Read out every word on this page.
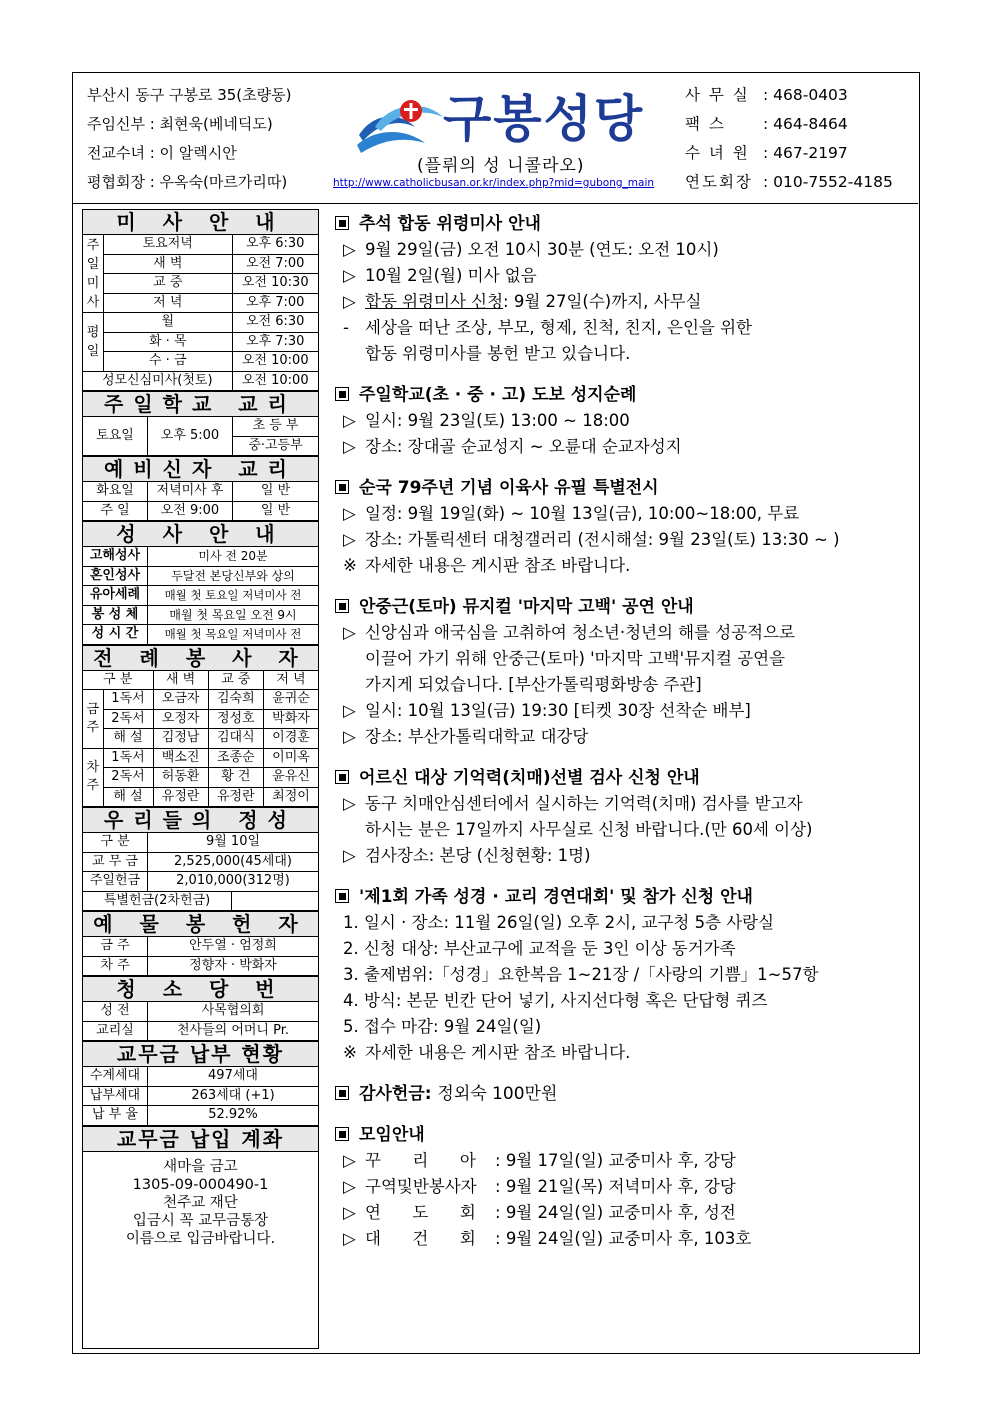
부산시 동구 구봉로 35(초량동)
주임신부 : 최현욱(베네딕도)
전교수녀 : 이 알렉시안
평협회장 : 우옥숙(마르가리따)
구봉성당
(플뤼의 성 니콜라오)
http://www.catholicbusan.or.kr/index.php?mid=gubong_main
사 무 실 : 468-0403
팩 스 : 464-8464
수 녀 원 : 467-2197
연도회장 : 010-7552-4185
미 사 안 내
주일미사	토요저녁	오후 6:30
	새 벽	오전 7:00
	교 중	오전 10:30
	저 녁	오후 7:00
평일	월	오전 6:30
	화 · 목	오후 7:30
	수 · 금	오전 10:00
성모신심미사(첫토)		오전 10:00
주일학교 교리
토요일	오후 5:00	초 등 부
중·고등부
예비신자 교리
화요일	저녁미사 후	일 반
주 일	오전 9:00	일 반
성 사 안 내
고해성사	미사 전 20분
혼인성사	두달전 본당신부와 상의
유아세례	매월 첫 토요일 저녁미사 전
봉 성 체	매월 첫 목요일 오전 9시
성 시 간	매월 첫 목요일 저녁미사 전
전 례 봉 사 자
구 분		새 벽	교 중	저 녁
금주	1독서	오금자	김숙희	윤귀순
	2독서	오정자	정성호	박화자
	해 설	김정남	김대식	이경훈
차주	1독서	백소진	조종순	이미옥
	2독서	허동환	황 건	윤유신
	해 설	유정란	유정란	최정이
우리들의 정성
구 분	9월 10일
교 무 금	2,525,000(45세대)
주일헌금	2,010,000(312명)
특별헌금(2차헌금)	
예 물 봉 헌 자
금 주	안두열 · 엄정희
차 주	정향자 · 박화자
청 소 당 번
성 전	사목협의회
교리실	천사들의 어머니 Pr.
교무금 납부 현황
수계세대	497세대
납부세대	263세대 (+1)
납 부 율	52.92%
교무금 납입 계좌
새마을 금고
1305-09-000490-1
천주교 재단
입금시 꼭 교무금통장
이름으로 입금바랍니다.
추석 합동 위령미사 안내
▷ 9월 29일(금) 오전 10시 30분 (연도: 오전 10시)
▷ 10월 2일(월) 미사 없음
▷ 합동 위령미사 신청: 9월 27일(수)까지, 사무실
- 세상을 떠난 조상, 부모, 형제, 친척, 친지, 은인을 위한
합동 위령미사를 봉헌 받고 있습니다.
주일학교(초 · 중 · 고) 도보 성지순례
▷ 일시: 9월 23일(토) 13:00 ~ 18:00
▷ 장소: 장대골 순교성지 ~ 오륜대 순교자성지
순국 79주년 기념 이육사 유필 특별전시
▷ 일정: 9월 19일(화) ~ 10월 13일(금), 10:00~18:00, 무료
▷ 장소: 가톨릭센터 대청갤러리 (전시해설: 9월 23일(토) 13:30 ~ )
※ 자세한 내용은 게시판 참조 바랍니다.
안중근(토마) 뮤지컬 '마지막 고백' 공연 안내
▷ 신앙심과 애국심을 고취하여 청소년·청년의 해를 성공적으로
이끌어 가기 위해 안중근(토마) '마지막 고백'뮤지컬 공연을
가지게 되었습니다. [부산가톨릭평화방송 주관]
▷ 일시: 10월 13일(금) 19:30 [티켓 30장 선착순 배부]
▷ 장소: 부산가톨릭대학교 대강당
어르신 대상 기억력(치매)선별 검사 신청 안내
▷ 동구 치매안심센터에서 실시하는 기억력(치매) 검사를 받고자
하시는 분은 17일까지 사무실로 신청 바랍니다.(만 60세 이상)
▷ 검사장소: 본당 (신청현황: 1명)
'제1회 가족 성경 · 교리 경연대회' 및 참가 신청 안내
1. 일시 · 장소: 11월 26일(일) 오후 2시, 교구청 5층 사랑실
2. 신청 대상: 부산교구에 교적을 둔 3인 이상 동거가족
3. 출제범위:「성경」요한복음 1~21장 /「사랑의 기쁨」1~57항
4. 방식: 본문 빈칸 단어 넣기, 사지선다형 혹은 단답형 퀴즈
5. 접수 마감: 9월 24일(일)
※ 자세한 내용은 게시판 참조 바랍니다.
감사헌금: 정외숙 100만원
모임안내
▷ 꾸      리      아 : 9월 17일(일) 교중미사 후, 강당
▷ 구역및반봉사자 : 9월 21일(목) 저녁미사 후, 강당
▷ 연      도      회 : 9월 24일(일) 교중미사 후, 성전
▷ 대      건      회 : 9월 24일(일) 교중미사 후, 103호
